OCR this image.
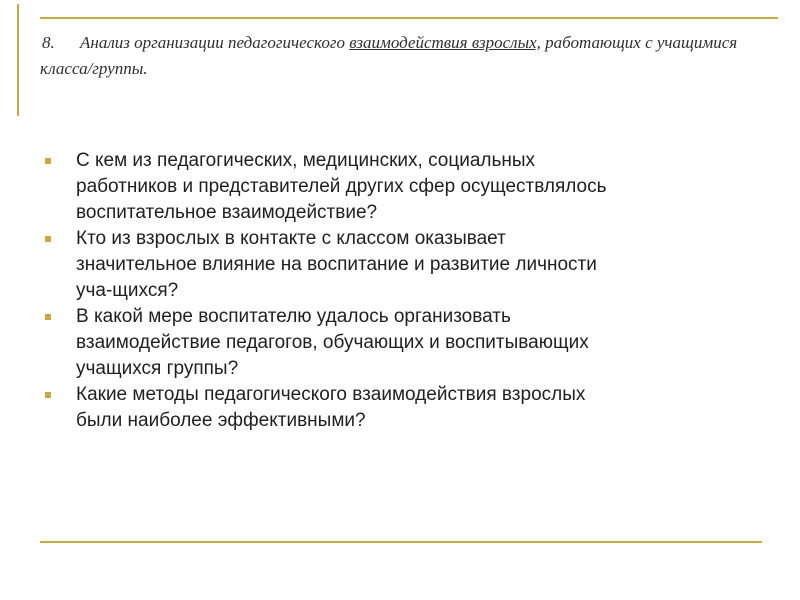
8. Анализ организации педагогического взаимодействия взрослых, работающих с учащимися класса/группы.
С кем из педагогических, медицинских, социальных
работников и представителей других сфер осуществлялось
воспитательное взаимодействие?
Кто из взрослых в контакте с классом оказывает
значительное влияние на воспитание и развитие личности
уча-щихся?
В какой мере воспитателю удалось организовать
взаимодействие педагогов, обучающих и воспитывающих
учащихся группы?
Какие методы педагогического взаимодействия взрослых
были наиболее эффективными?
